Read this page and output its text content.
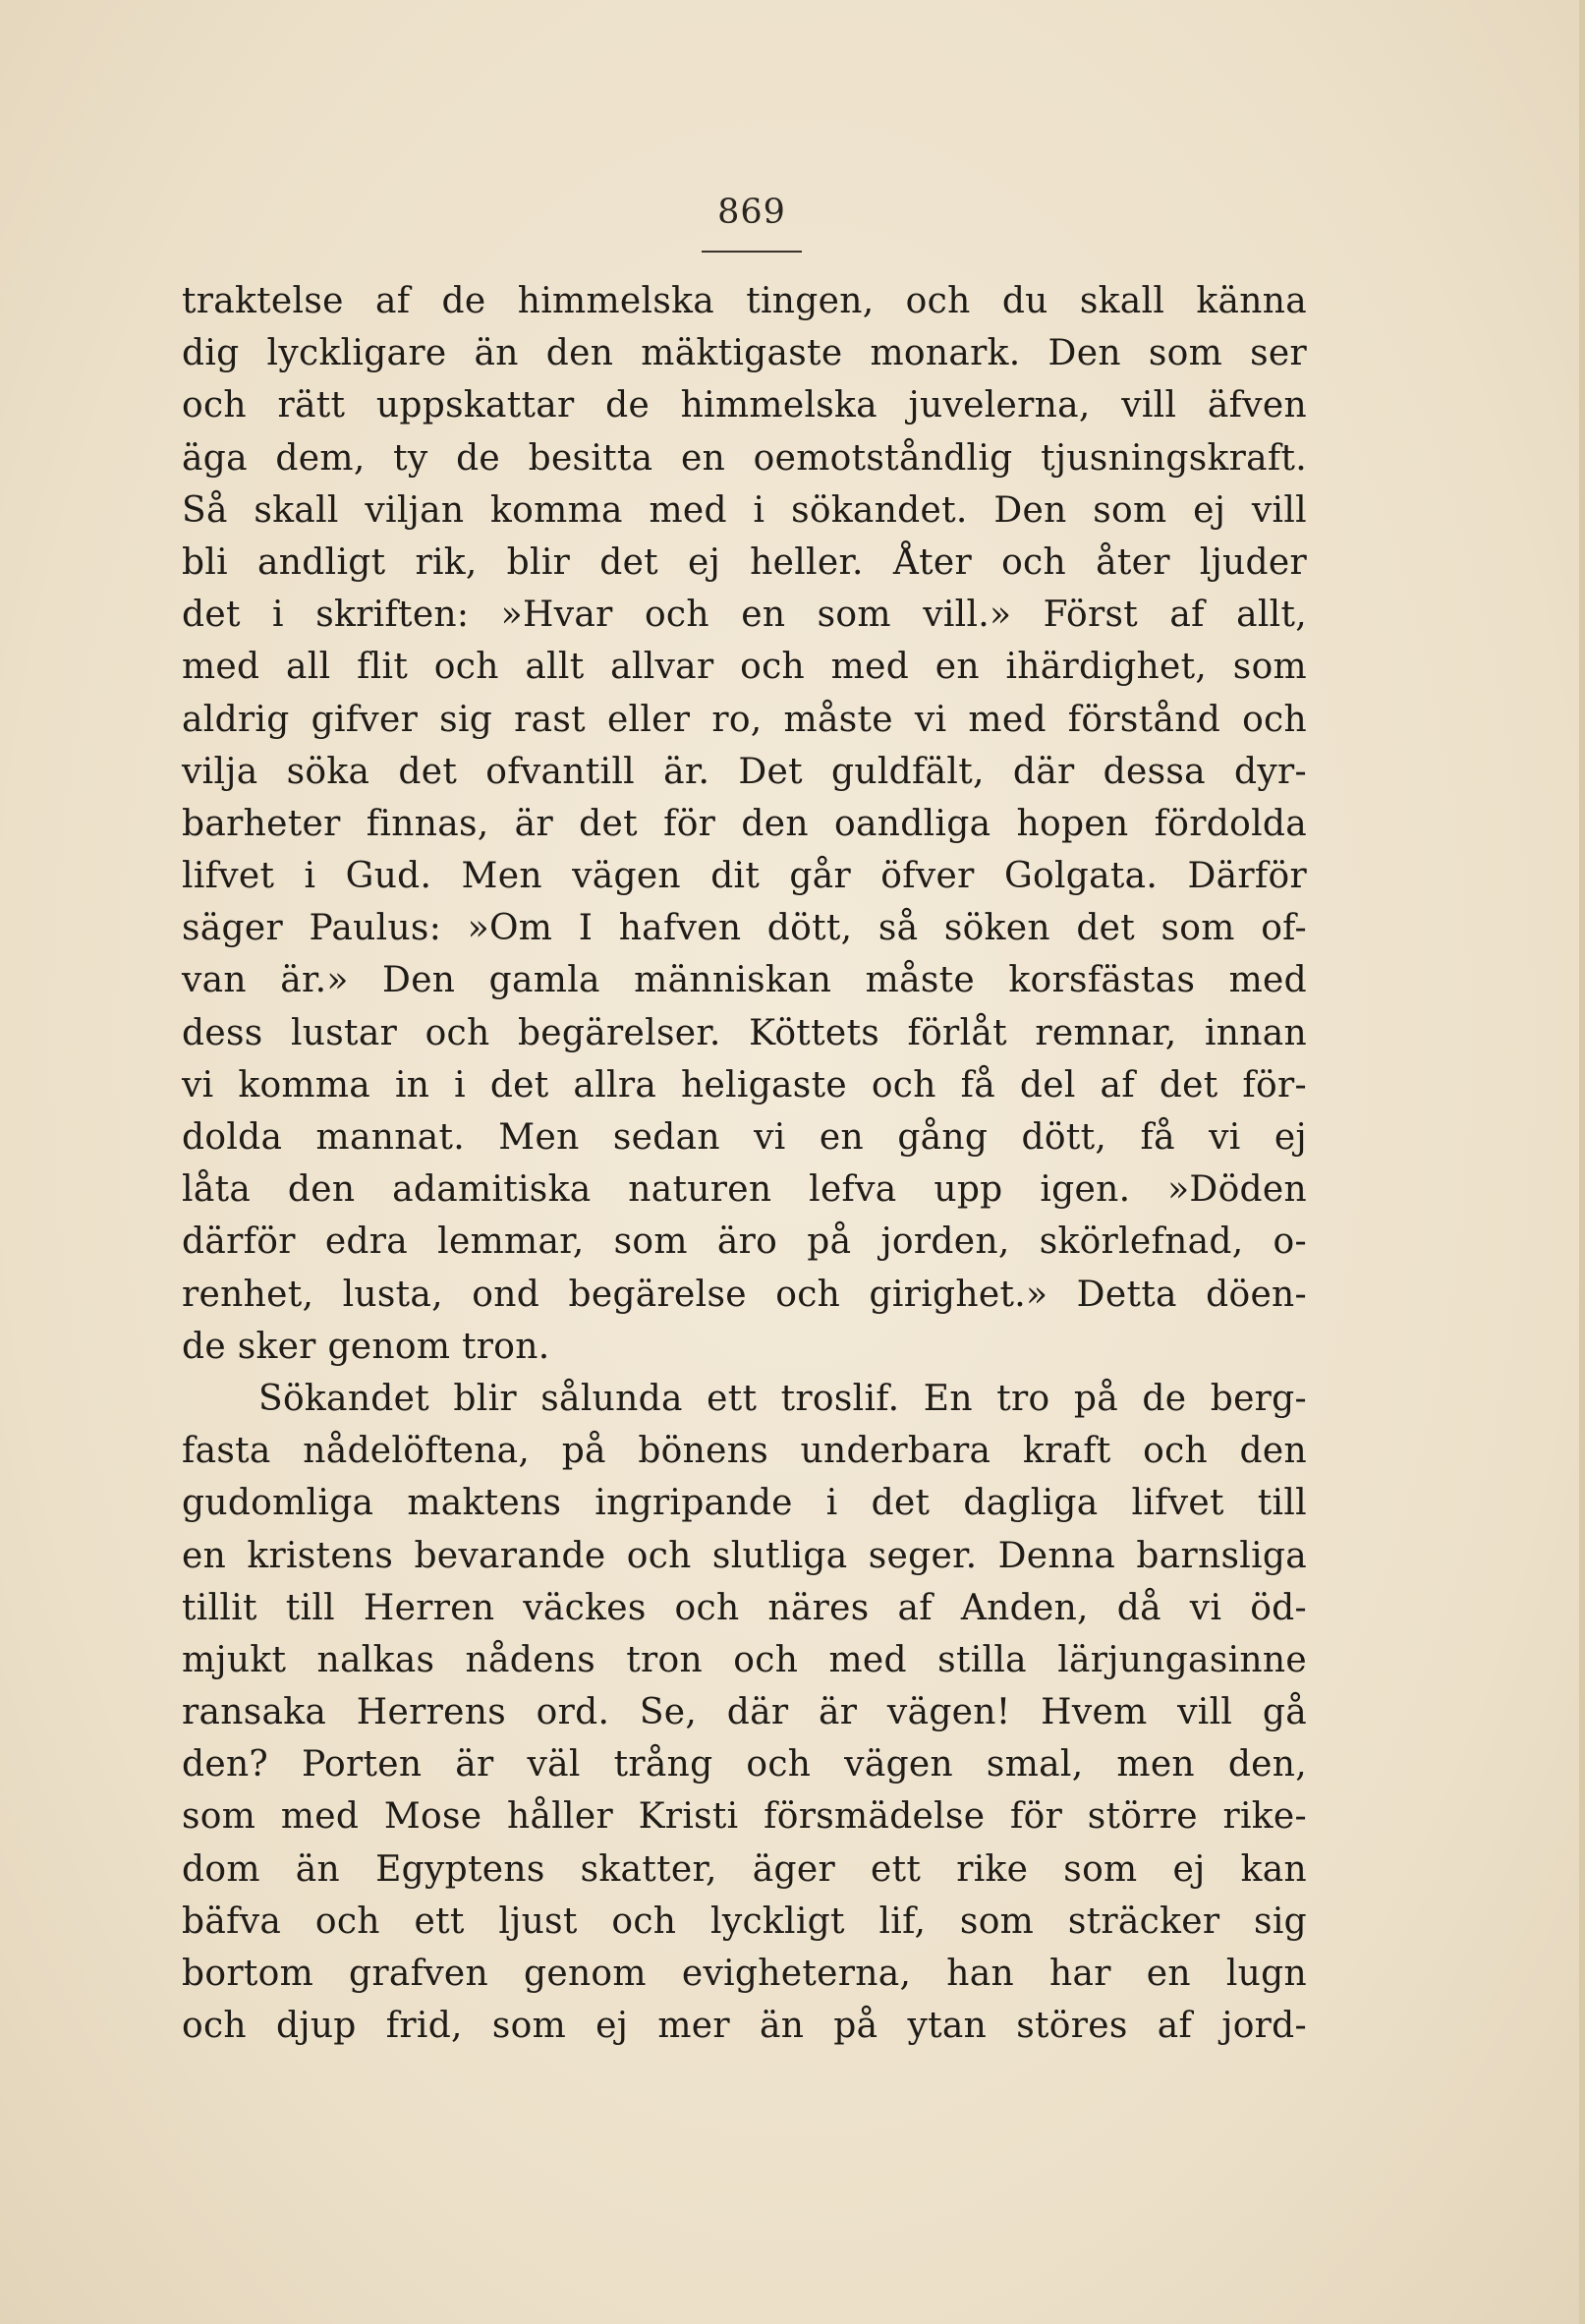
869
traktelse af de himmelska tingen, och du skall känna
dig lyckligare än den mäktigaste monark. Den som ser
och rätt uppskattar de himmelska juvelerna, vill äfven
äga dem, ty de besitta en oemotståndlig tjusningskraft.
Så skall viljan komma med i sökandet. Den som ej vill
bli andligt rik, blir det ej heller. Åter och åter ljuder
det i skriften: »Hvar och en som vill.» Först af allt,
med all flit och allt allvar och med en ihärdighet, som
aldrig gifver sig rast eller ro, måste vi med förstånd och
vilja söka det ofvantill är. Det guldfält, där dessa dyr-
barheter finnas, är det för den oandliga hopen fördolda
lifvet i Gud. Men vägen dit går öfver Golgata. Därför
säger Paulus: »Om I hafven dött, så söken det som of-
van är.» Den gamla människan måste korsfästas med
dess lustar och begärelser. Köttets förlåt remnar, innan
vi komma in i det allra heligaste och få del af det för-
dolda mannat. Men sedan vi en gång dött, få vi ej
låta den adamitiska naturen lefva upp igen. »Döden
därför edra lemmar, som äro på jorden, skörlefnad, o-
renhet, lusta, ond begärelse och girighet.» Detta döen-
de sker genom tron.
Sökandet blir sålunda ett troslif. En tro på de berg-
fasta nådelöftena, på bönens underbara kraft och den
gudomliga maktens ingripande i det dagliga lifvet till
en kristens bevarande och slutliga seger. Denna barnsliga
tillit till Herren väckes och näres af Anden, då vi öd-
mjukt nalkas nådens tron och med stilla lärjungasinne
ransaka Herrens ord. Se, där är vägen! Hvem vill gå
den? Porten är väl trång och vägen smal, men den,
som med Mose håller Kristi försmädelse för större rike-
dom än Egyptens skatter, äger ett rike som ej kan
bäfva och ett ljust och lyckligt lif, som sträcker sig
bortom grafven genom evigheterna, han har en lugn
och djup frid, som ej mer än på ytan störes af jord-
